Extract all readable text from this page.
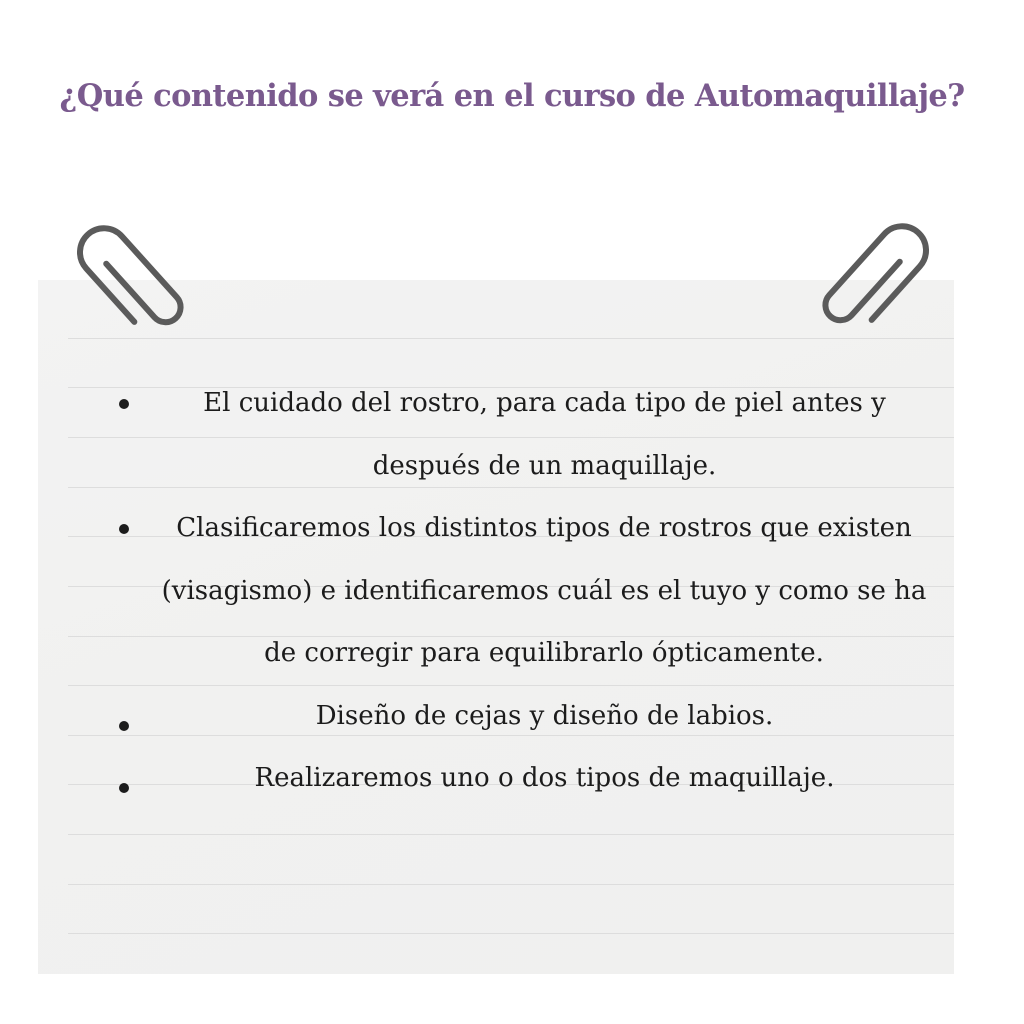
¿Qué contenido se verá en el curso de Automaquillaje?
El cuidado del rostro, para cada tipo de piel antes y después de un maquillaje.
Clasificaremos los distintos tipos de rostros que existen (visagismo) e identificaremos cuál es el tuyo y como se ha de corregir para equilibrarlo ópticamente.
Diseño de cejas y diseño de labios.
Realizaremos uno o dos tipos de maquillaje.
